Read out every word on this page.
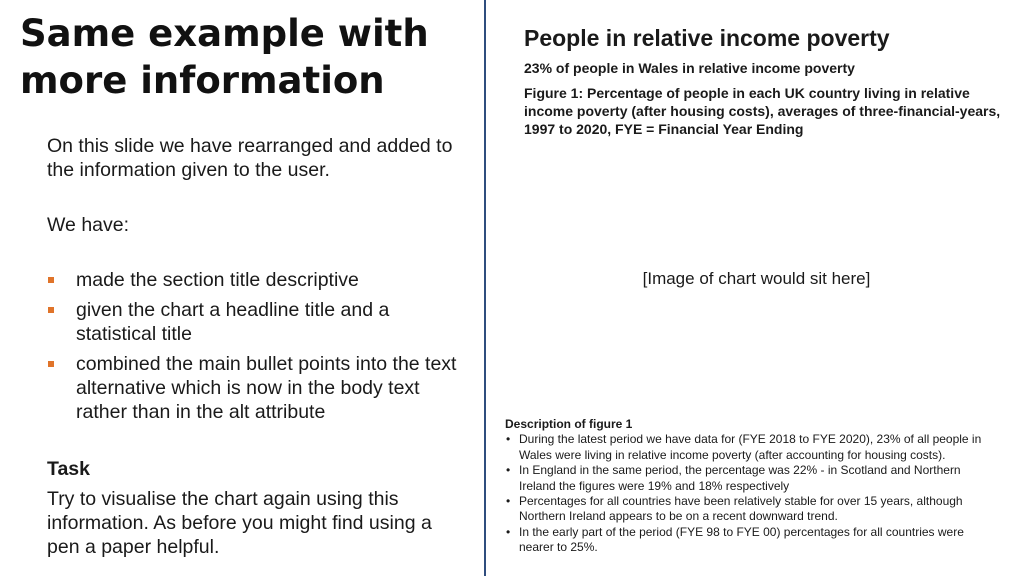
Same example with more information

On this slide we have rearranged and added to the information given to the user.

We have:

made the section title descriptive
given the chart a headline title and a statistical title
combined the main bullet points into the text alternative which is now in the body text rather than in the alt attribute

Task

Try to visualise the chart again using this information. As before you might find using a pen a paper helpful.

People in relative income poverty
23% of people in Wales in relative income poverty
Figure 1: Percentage of people in each UK country living in relative income poverty (after housing costs), averages of three-financial-years, 1997 to 2020, FYE = Financial Year Ending
[Image of chart would sit here]
Description of figure 1
• During the latest period we have data for (FYE 2018 to FYE 2020), 23% of all people in Wales were living in relative income poverty (after accounting for housing costs).
• In England in the same period, the percentage was 22% - in Scotland and Northern Ireland the figures were 19% and 18% respectively
• Percentages for all countries have been relatively stable for over 15 years, although Northern Ireland appears to be on a recent downward trend.
• In the early part of the period (FYE 98 to FYE 00) percentages for all countries were nearer to 25%.
